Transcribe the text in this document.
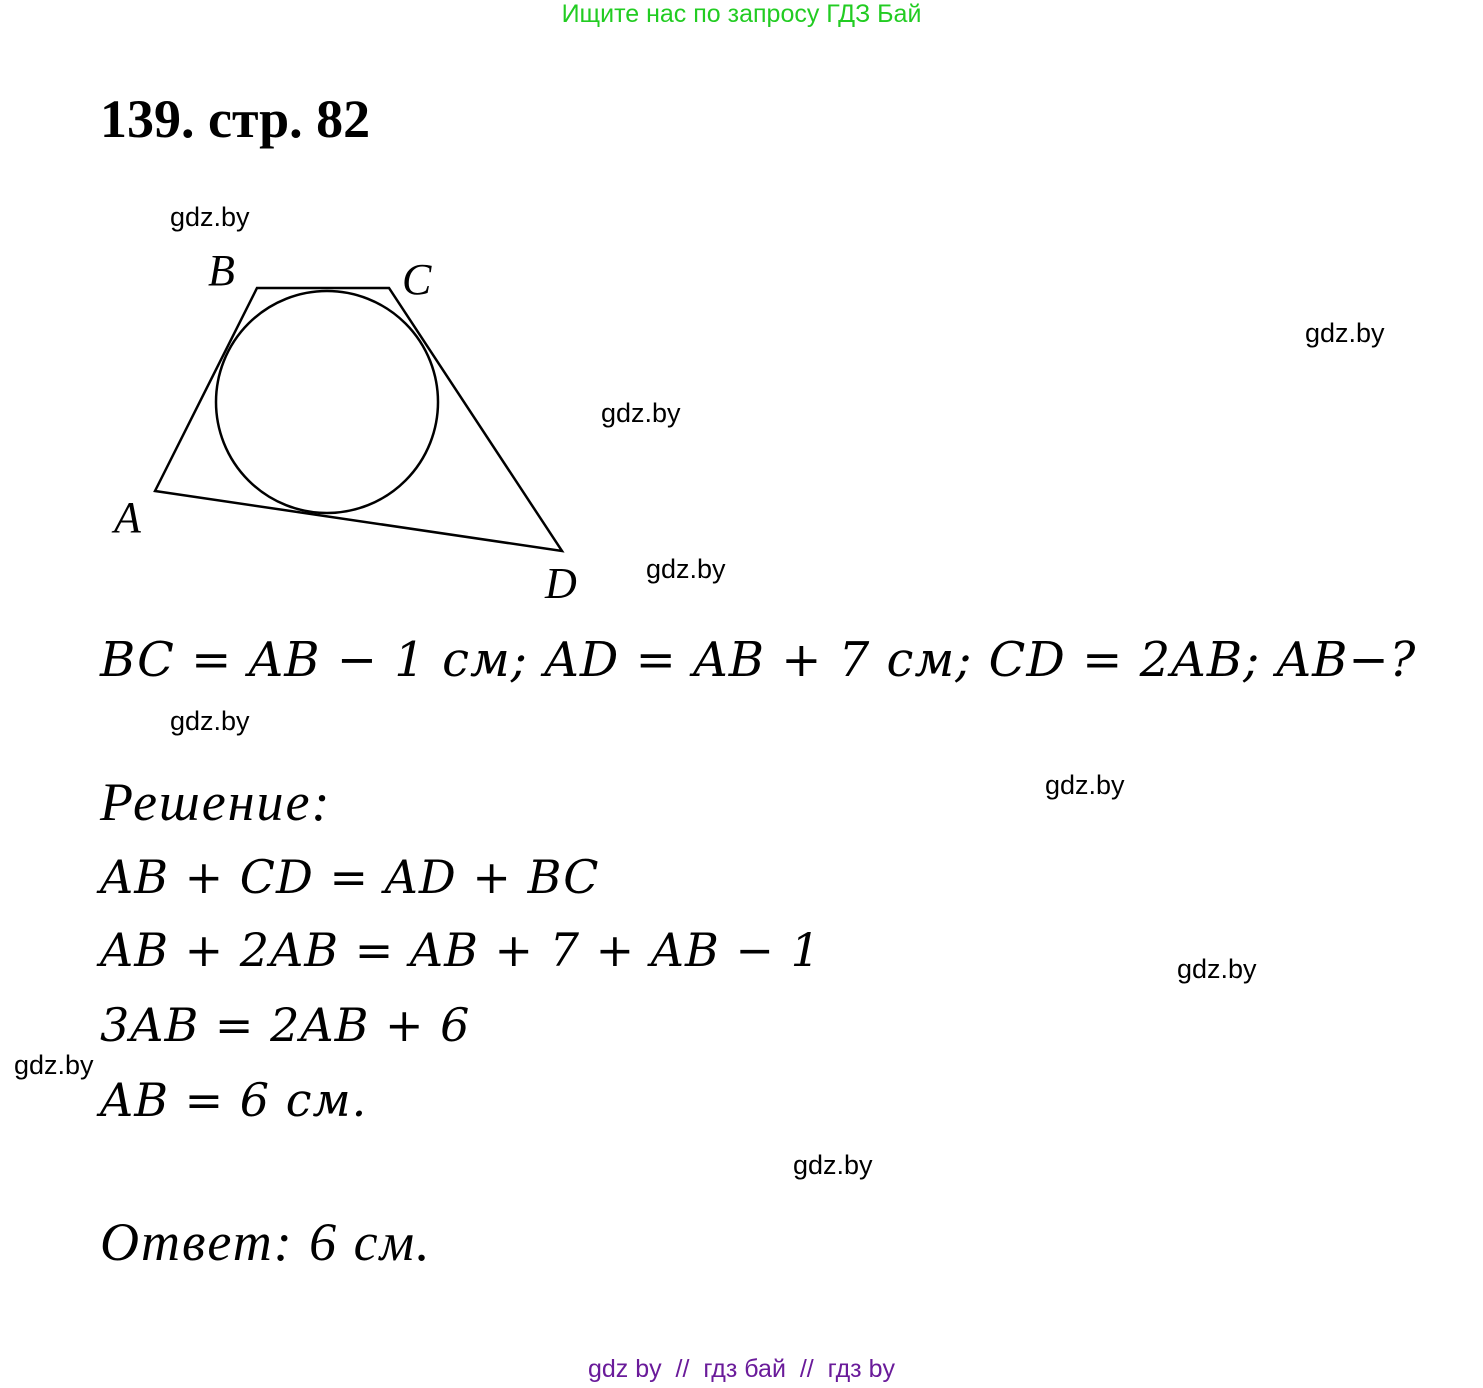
Ищите нас по запросу ГДЗ Бай
139. стр. 82
B	C
A
D
gdz.by
gdz.by
gdz.by
gdz.by
gdz.by
gdz.by
gdz.by
gdz.by
gdz.by
BC = AB − 1 см; AD = AB + 7 см; CD = 2AB; AB−?
Решение:
AB + CD = AD + BC
AB + 2AB = AB + 7 + AB − 1
3AB = 2AB + 6
AB = 6 см.
Ответ: 6 см.
gdz by  //  гдз бай  //  гдз by
